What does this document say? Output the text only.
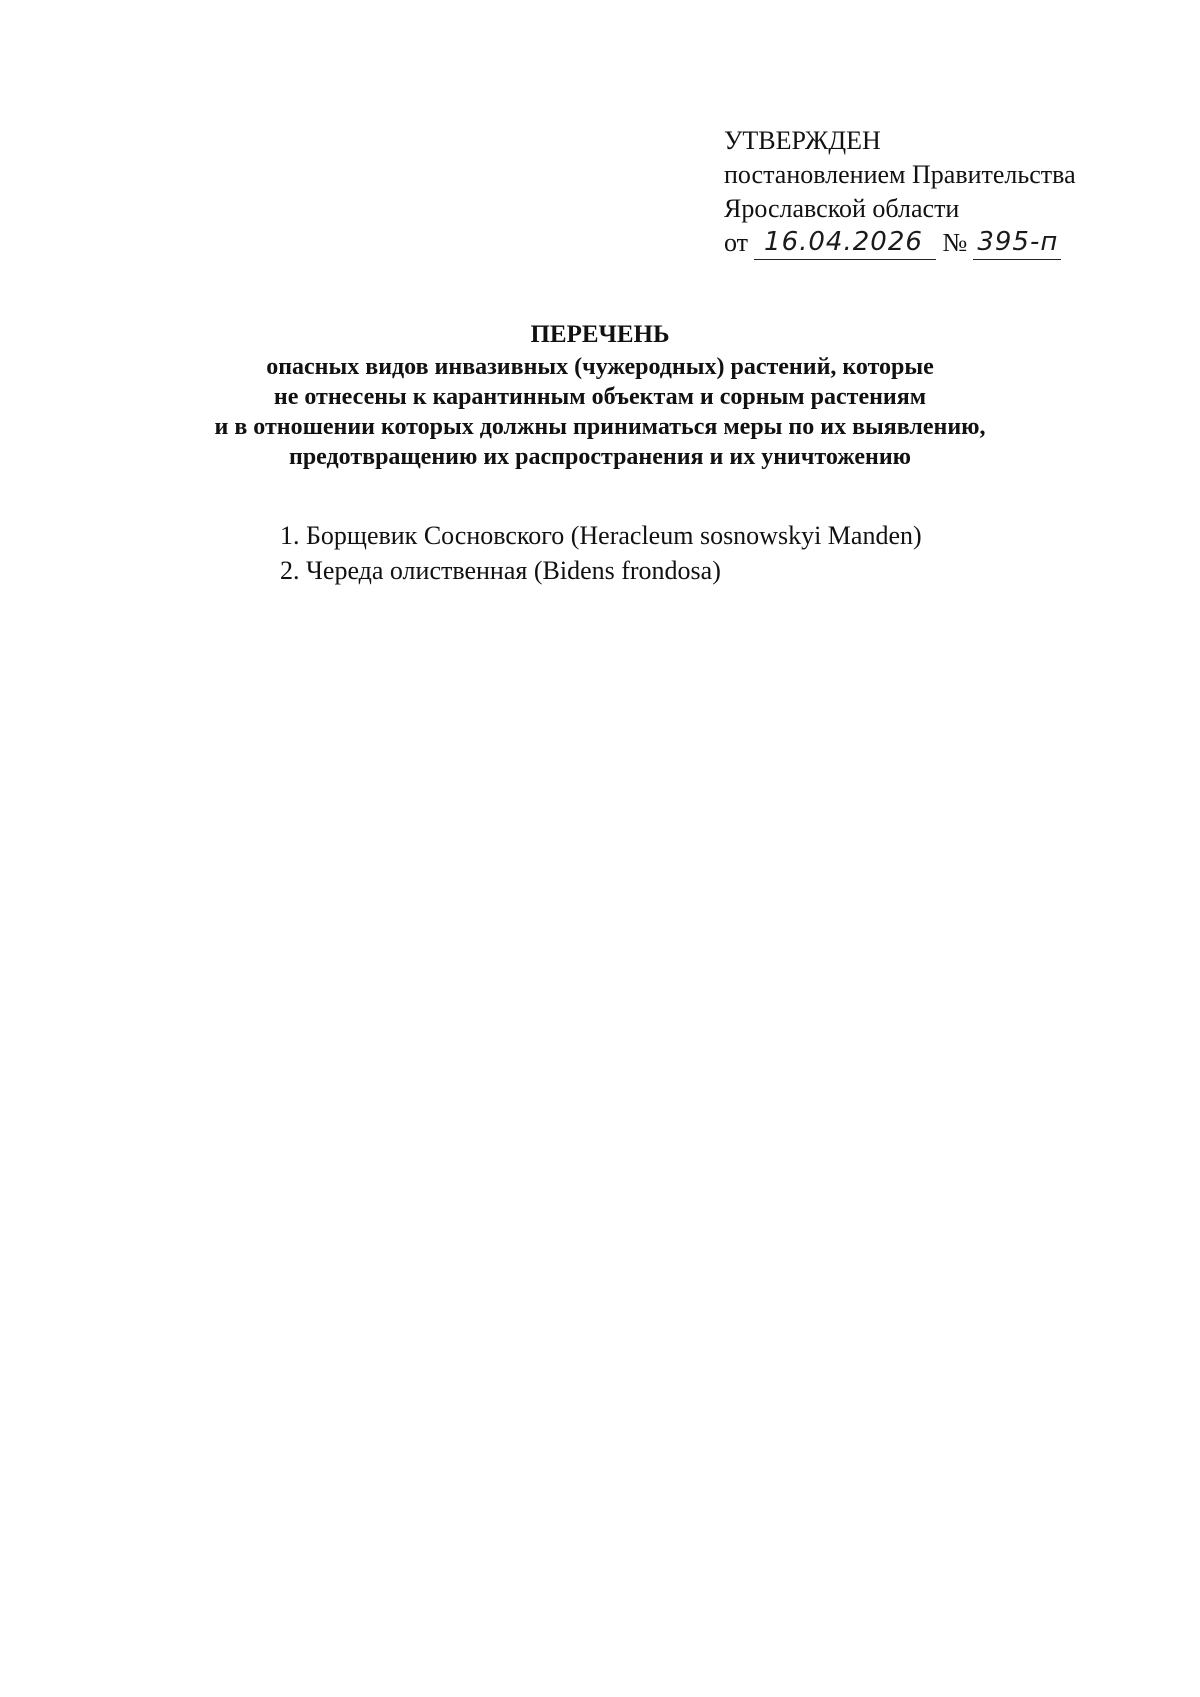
УТВЕРЖДЕН
постановлением Правительства
Ярославской области
от 16.04.2026 № 395-п
ПЕРЕЧЕНЬ
опасных видов инвазивных (чужеродных) растений, которые
не отнесены к карантинным объектам и сорным растениям
и в отношении которых должны приниматься меры по их выявлению,
предотвращению их распространения и их уничтожению
1. Борщевик Сосновского (Heracleum sosnowskyi Manden)
2. Череда олиственная (Bidens frondosa)
